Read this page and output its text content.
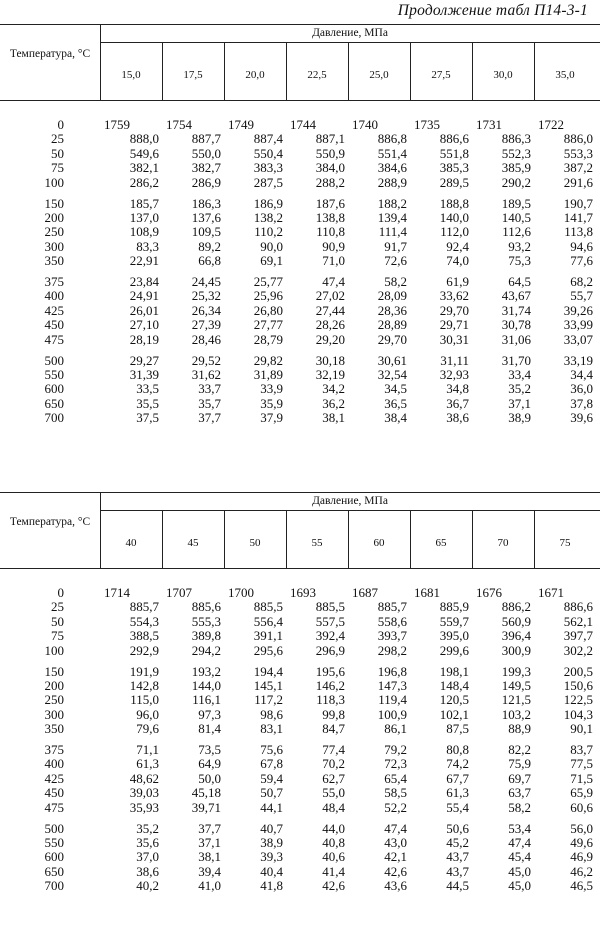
Продолжение табл П14-3-1
Температура, °С
Давление, МПа
15,0	17,5	20,0	22,5	25,0	27,5	30,0	35,0
0	1759	1754	1749	1744	1740	1735	1731	1722
25	888,0	887,7	887,4	887,1	886,8	886,6	886,3	886,0
50	549,6	550,0	550,4	550,9	551,4	551,8	552,3	553,3
75	382,1	382,7	383,3	384,0	384,6	385,3	385,9	387,2
100	286,2	286,9	287,5	288,2	288,9	289,5	290,2	291,6
150	185,7	186,3	186,9	187,6	188,2	188,8	189,5	190,7
200	137,0	137,6	138,2	138,8	139,4	140,0	140,5	141,7
250	108,9	109,5	110,2	110,8	111,4	112,0	112,6	113,8
300	83,3	89,2	90,0	90,9	91,7	92,4	93,2	94,6
350	22,91	66,8	69,1	71,0	72,6	74,0	75,3	77,6
375	23,84	24,45	25,77	47,4	58,2	61,9	64,5	68,2
400	24,91	25,32	25,96	27,02	28,09	33,62	43,67	55,7
425	26,01	26,34	26,80	27,44	28,36	29,70	31,74	39,26
450	27,10	27,39	27,77	28,26	28,89	29,71	30,78	33,99
475	28,19	28,46	28,79	29,20	29,70	30,31	31,06	33,07
500	29,27	29,52	29,82	30,18	30,61	31,11	31,70	33,19
550	31,39	31,62	31,89	32,19	32,54	32,93	33,4	34,4
600	33,5	33,7	33,9	34,2	34,5	34,8	35,2	36,0
650	35,5	35,7	35,9	36,2	36,5	36,7	37,1	37,8
700	37,5	37,7	37,9	38,1	38,4	38,6	38,9	39,6
Температура, °С
Давление, МПа
40	45	50	55	60	65	70	75
0	1714	1707	1700	1693	1687	1681	1676	1671
25	885,7	885,6	885,5	885,5	885,7	885,9	886,2	886,6
50	554,3	555,3	556,4	557,5	558,6	559,7	560,9	562,1
75	388,5	389,8	391,1	392,4	393,7	395,0	396,4	397,7
100	292,9	294,2	295,6	296,9	298,2	299,6	300,9	302,2
150	191,9	193,2	194,4	195,6	196,8	198,1	199,3	200,5
200	142,8	144,0	145,1	146,2	147,3	148,4	149,5	150,6
250	115,0	116,1	117,2	118,3	119,4	120,5	121,5	122,5
300	96,0	97,3	98,6	99,8	100,9	102,1	103,2	104,3
350	79,6	81,4	83,1	84,7	86,1	87,5	88,9	90,1
375	71,1	73,5	75,6	77,4	79,2	80,8	82,2	83,7
400	61,3	64,9	67,8	70,2	72,3	74,2	75,9	77,5
425	48,62	50,0	59,4	62,7	65,4	67,7	69,7	71,5
450	39,03	45,18	50,7	55,0	58,5	61,3	63,7	65,9
475	35,93	39,71	44,1	48,4	52,2	55,4	58,2	60,6
500	35,2	37,7	40,7	44,0	47,4	50,6	53,4	56,0
550	35,6	37,1	38,9	40,8	43,0	45,2	47,4	49,6
600	37,0	38,1	39,3	40,6	42,1	43,7	45,4	46,9
650	38,6	39,4	40,4	41,4	42,6	43,7	45,0	46,2
700	40,2	41,0	41,8	42,6	43,6	44,5	45,0	46,5
